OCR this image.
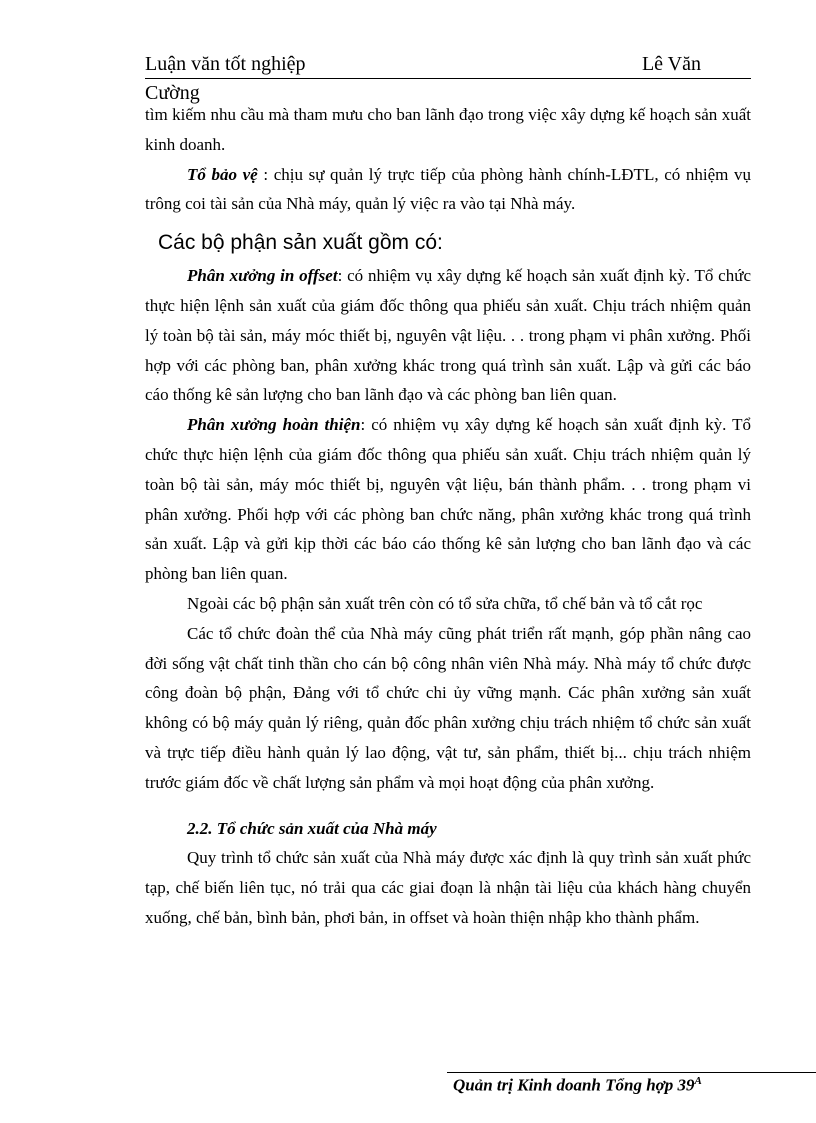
Luận văn tốt nghiệp	Lê Văn
Cường

tìm kiếm nhu cầu mà tham mưu cho ban lãnh đạo trong việc xây dựng kế hoạch sản xuất kinh doanh.

Tổ bảo vệ : chịu sự quản lý trực tiếp của phòng hành chính-LĐTL, có nhiệm vụ trông coi tài sản của Nhà máy, quản lý việc ra vào tại Nhà máy.

Các bộ phận sản xuất gồm có:

Phân xưởng in offset: có nhiệm vụ xây dựng kế hoạch sản xuất định kỳ. Tổ chức thực hiện lệnh sản xuất của giám đốc thông qua phiếu sản xuất. Chịu trách nhiệm quản lý toàn bộ tài sản, máy móc thiết bị, nguyên vật liệu. . . trong phạm vi phân xưởng. Phối hợp với các phòng ban, phân xưởng khác trong quá trình sản xuất. Lập và gửi các báo cáo thống kê sản lượng cho ban lãnh đạo và các phòng ban liên quan.

Phân xưởng hoàn thiện: có nhiệm vụ xây dựng kế hoạch sản xuất định kỳ. Tổ chức thực hiện lệnh của giám đốc thông qua phiếu sản xuất. Chịu trách nhiệm quản lý toàn bộ tài sản, máy móc thiết bị, nguyên vật liệu, bán thành phẩm. . . trong phạm vi phân xưởng. Phối hợp với các phòng ban chức năng, phân xưởng khác trong quá trình sản xuất. Lập và gửi kịp thời các báo cáo thống kê sản lượng cho ban lãnh đạo và các phòng ban liên quan.

Ngoài các bộ phận sản xuất trên còn có tổ sửa chữa, tổ chế bản và tổ cắt rọc

Các tổ chức đoàn thể của Nhà máy cũng phát triển rất mạnh, góp phần nâng cao đời sống vật chất tinh thần cho cán bộ công nhân viên Nhà máy. Nhà máy tổ chức được công đoàn bộ phận, Đảng với tổ chức chi ủy vững mạnh. Các phân xưởng sản xuất không có bộ máy quản lý riêng, quản đốc phân xưởng chịu trách nhiệm tổ chức sản xuất và trực tiếp điều hành quản lý lao động, vật tư, sản phẩm, thiết bị... chịu trách nhiệm trước giám đốc về chất lượng sản phẩm và mọi hoạt động của phân xưởng.

2.2. Tổ chức sản xuất của Nhà máy

Quy trình tổ chức sản xuất của Nhà máy được xác định là quy trình sản xuất phức tạp, chế biến liên tục, nó trải qua các giai đoạn là nhận tài liệu của khách hàng chuyển xuống, chế bản, bình bản, phơi bản, in offset và hoàn thiện nhập kho thành phẩm.

Quản trị Kinh doanh Tổng hợp $39^A$
